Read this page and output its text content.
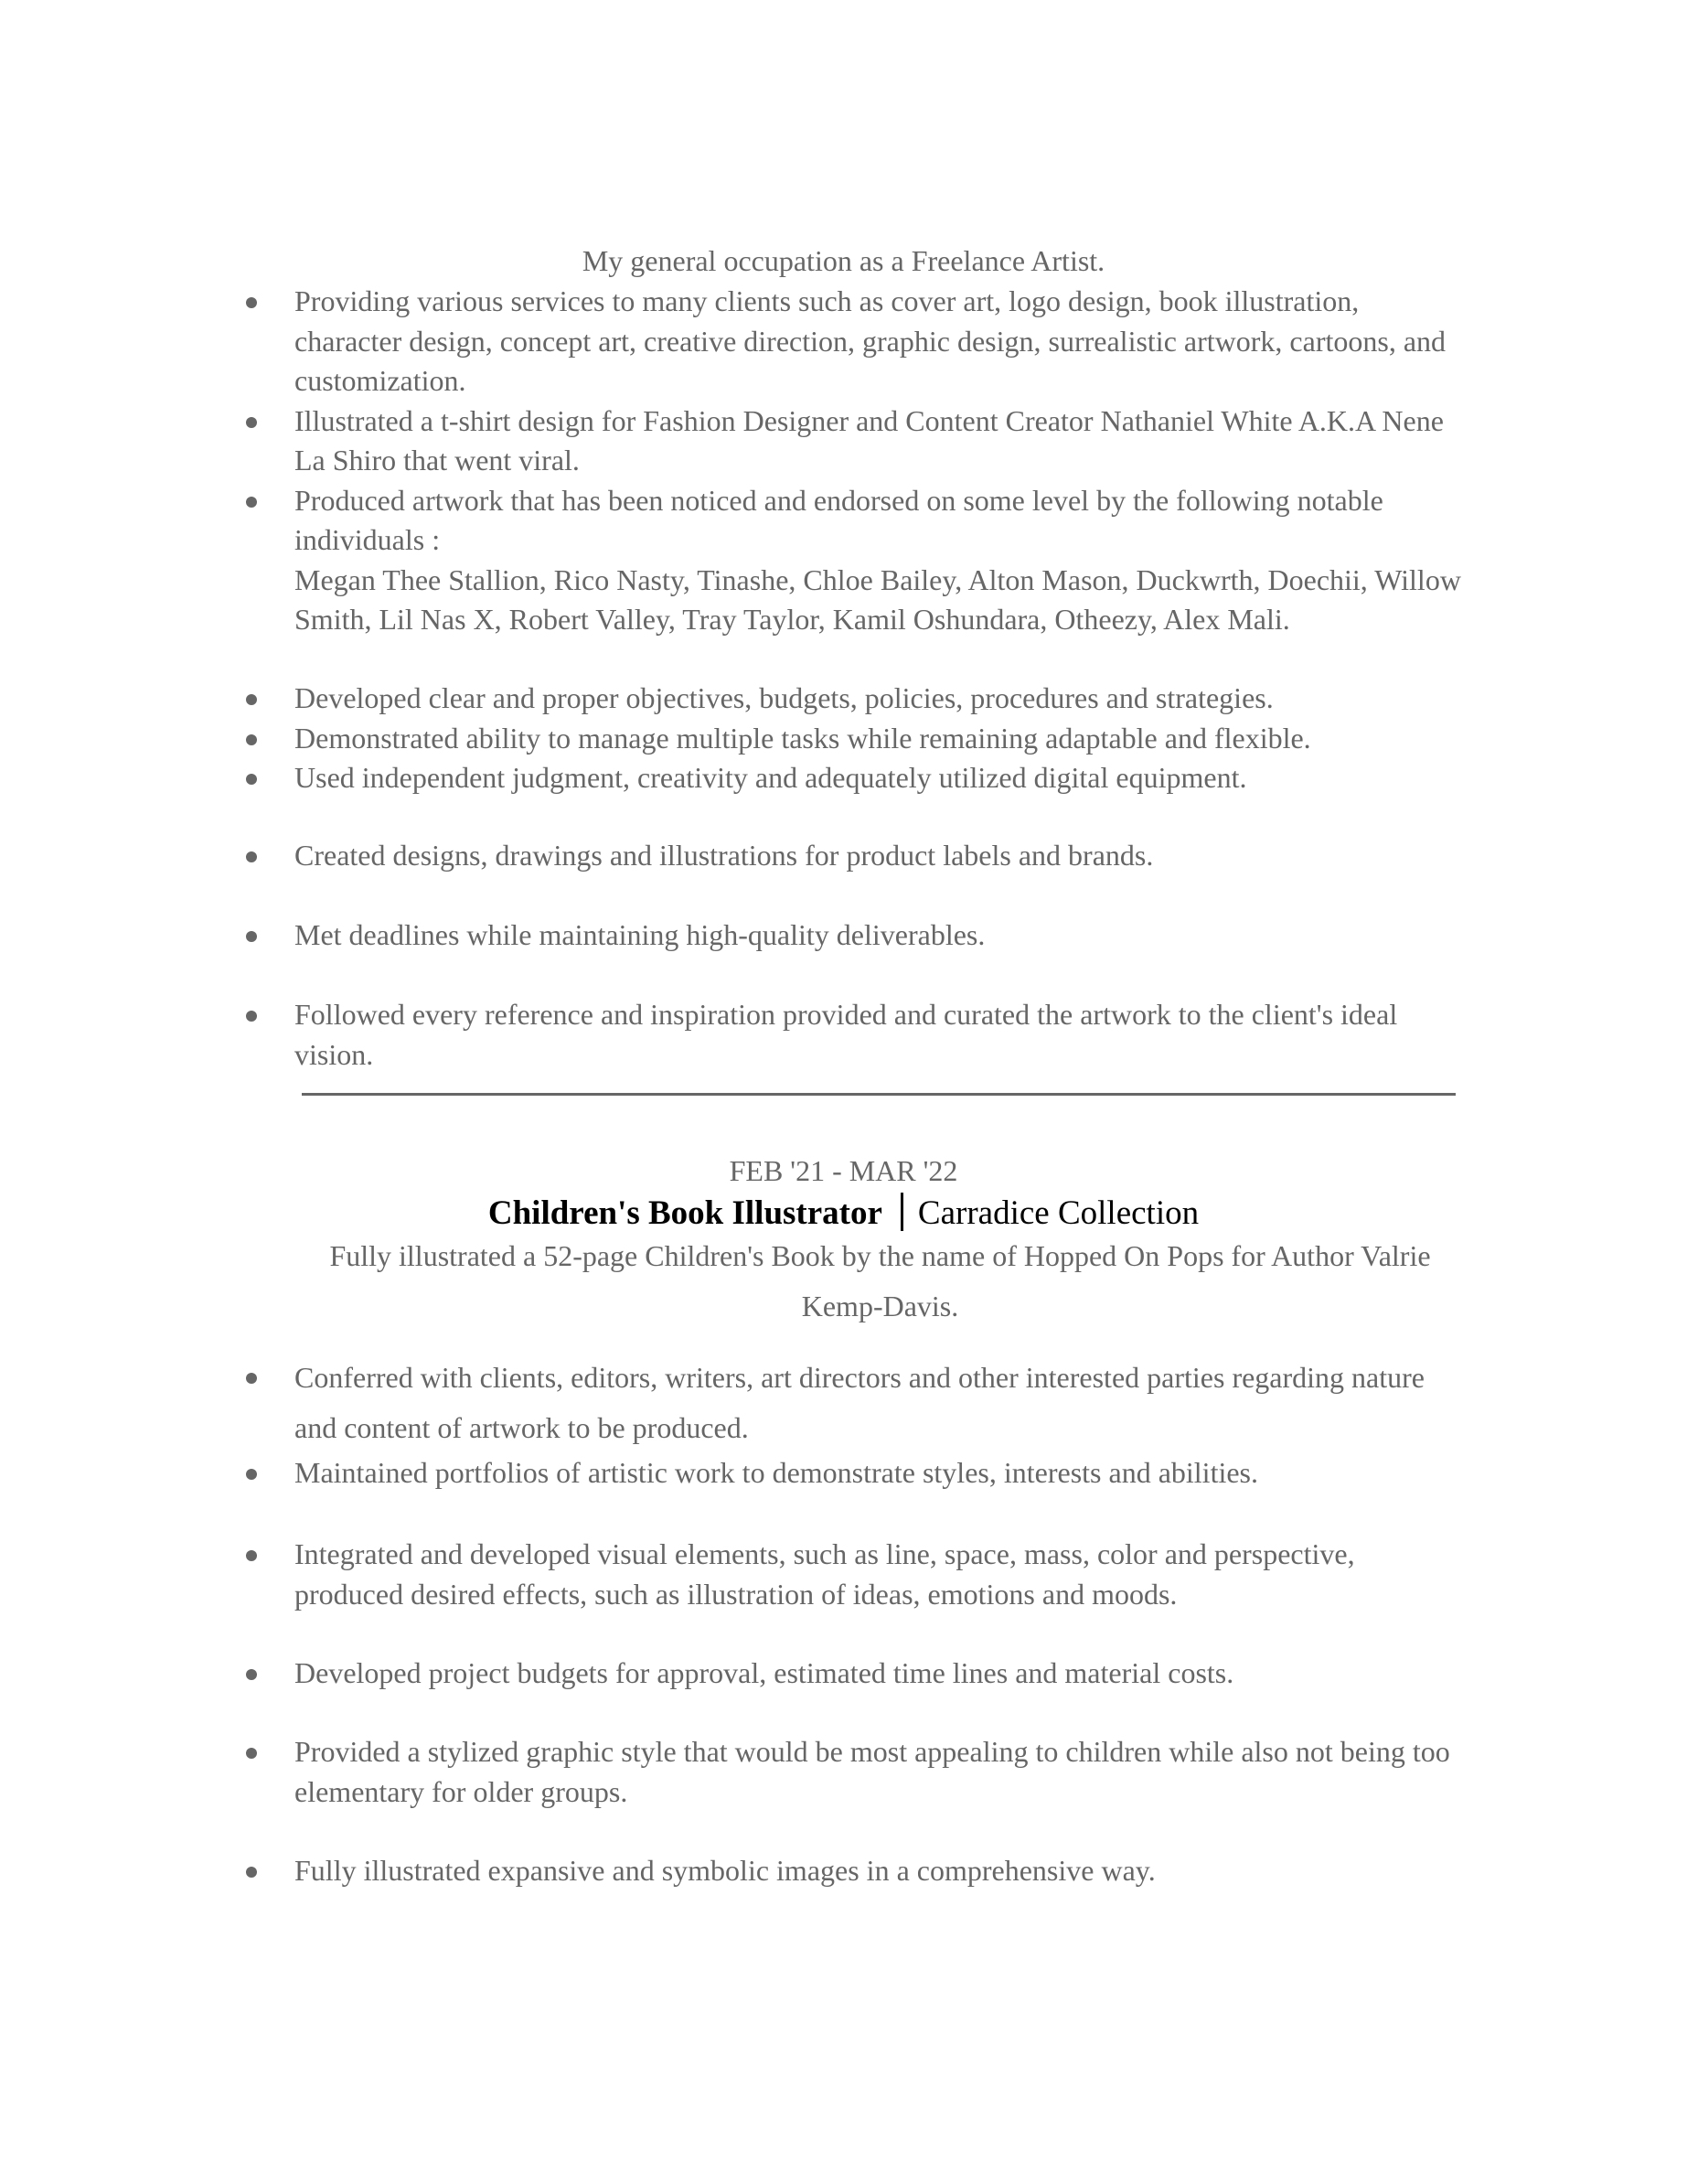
My general occupation as a Freelance Artist.

Providing various services to many clients such as cover art, logo design, book illustration, character design, concept art, creative direction, graphic design, surrealistic artwork, cartoons, and customization.
Illustrated a t-shirt design for Fashion Designer and Content Creator Nathaniel White A.K.A Nene La Shiro that went viral.
Produced artwork that has been noticed and endorsed on some level by the following notable individuals :
Megan Thee Stallion, Rico Nasty, Tinashe, Chloe Bailey, Alton Mason, Duckwrth, Doechii, Willow Smith, Lil Nas X, Robert Valley, Tray Taylor, Kamil Oshundara, Otheezy, Alex Mali.
Developed clear and proper objectives, budgets, policies, procedures and strategies.
Demonstrated ability to manage multiple tasks while remaining adaptable and flexible.
Used independent judgment, creativity and adequately utilized digital equipment.
Created designs, drawings and illustrations for product labels and brands.
Met deadlines while maintaining high-quality deliverables.
Followed every reference and inspiration provided and curated the artwork to the client's ideal vision.

FEB '21 - MAR '22

Children's Book Illustrator Carradice Collection

Fully illustrated a 52-page Children's Book by the name of Hopped On Pops for Author Valrie Kemp-Davis.

Conferred with clients, editors, writers, art directors and other interested parties regarding nature and content of artwork to be produced.
Maintained portfolios of artistic work to demonstrate styles, interests and abilities.
Integrated and developed visual elements, such as line, space, mass, color and perspective, produced desired effects, such as illustration of ideas, emotions and moods.
Developed project budgets for approval, estimated time lines and material costs.
Provided a stylized graphic style that would be most appealing to children while also not being too elementary for older groups.
Fully illustrated expansive and symbolic images in a comprehensive way.
